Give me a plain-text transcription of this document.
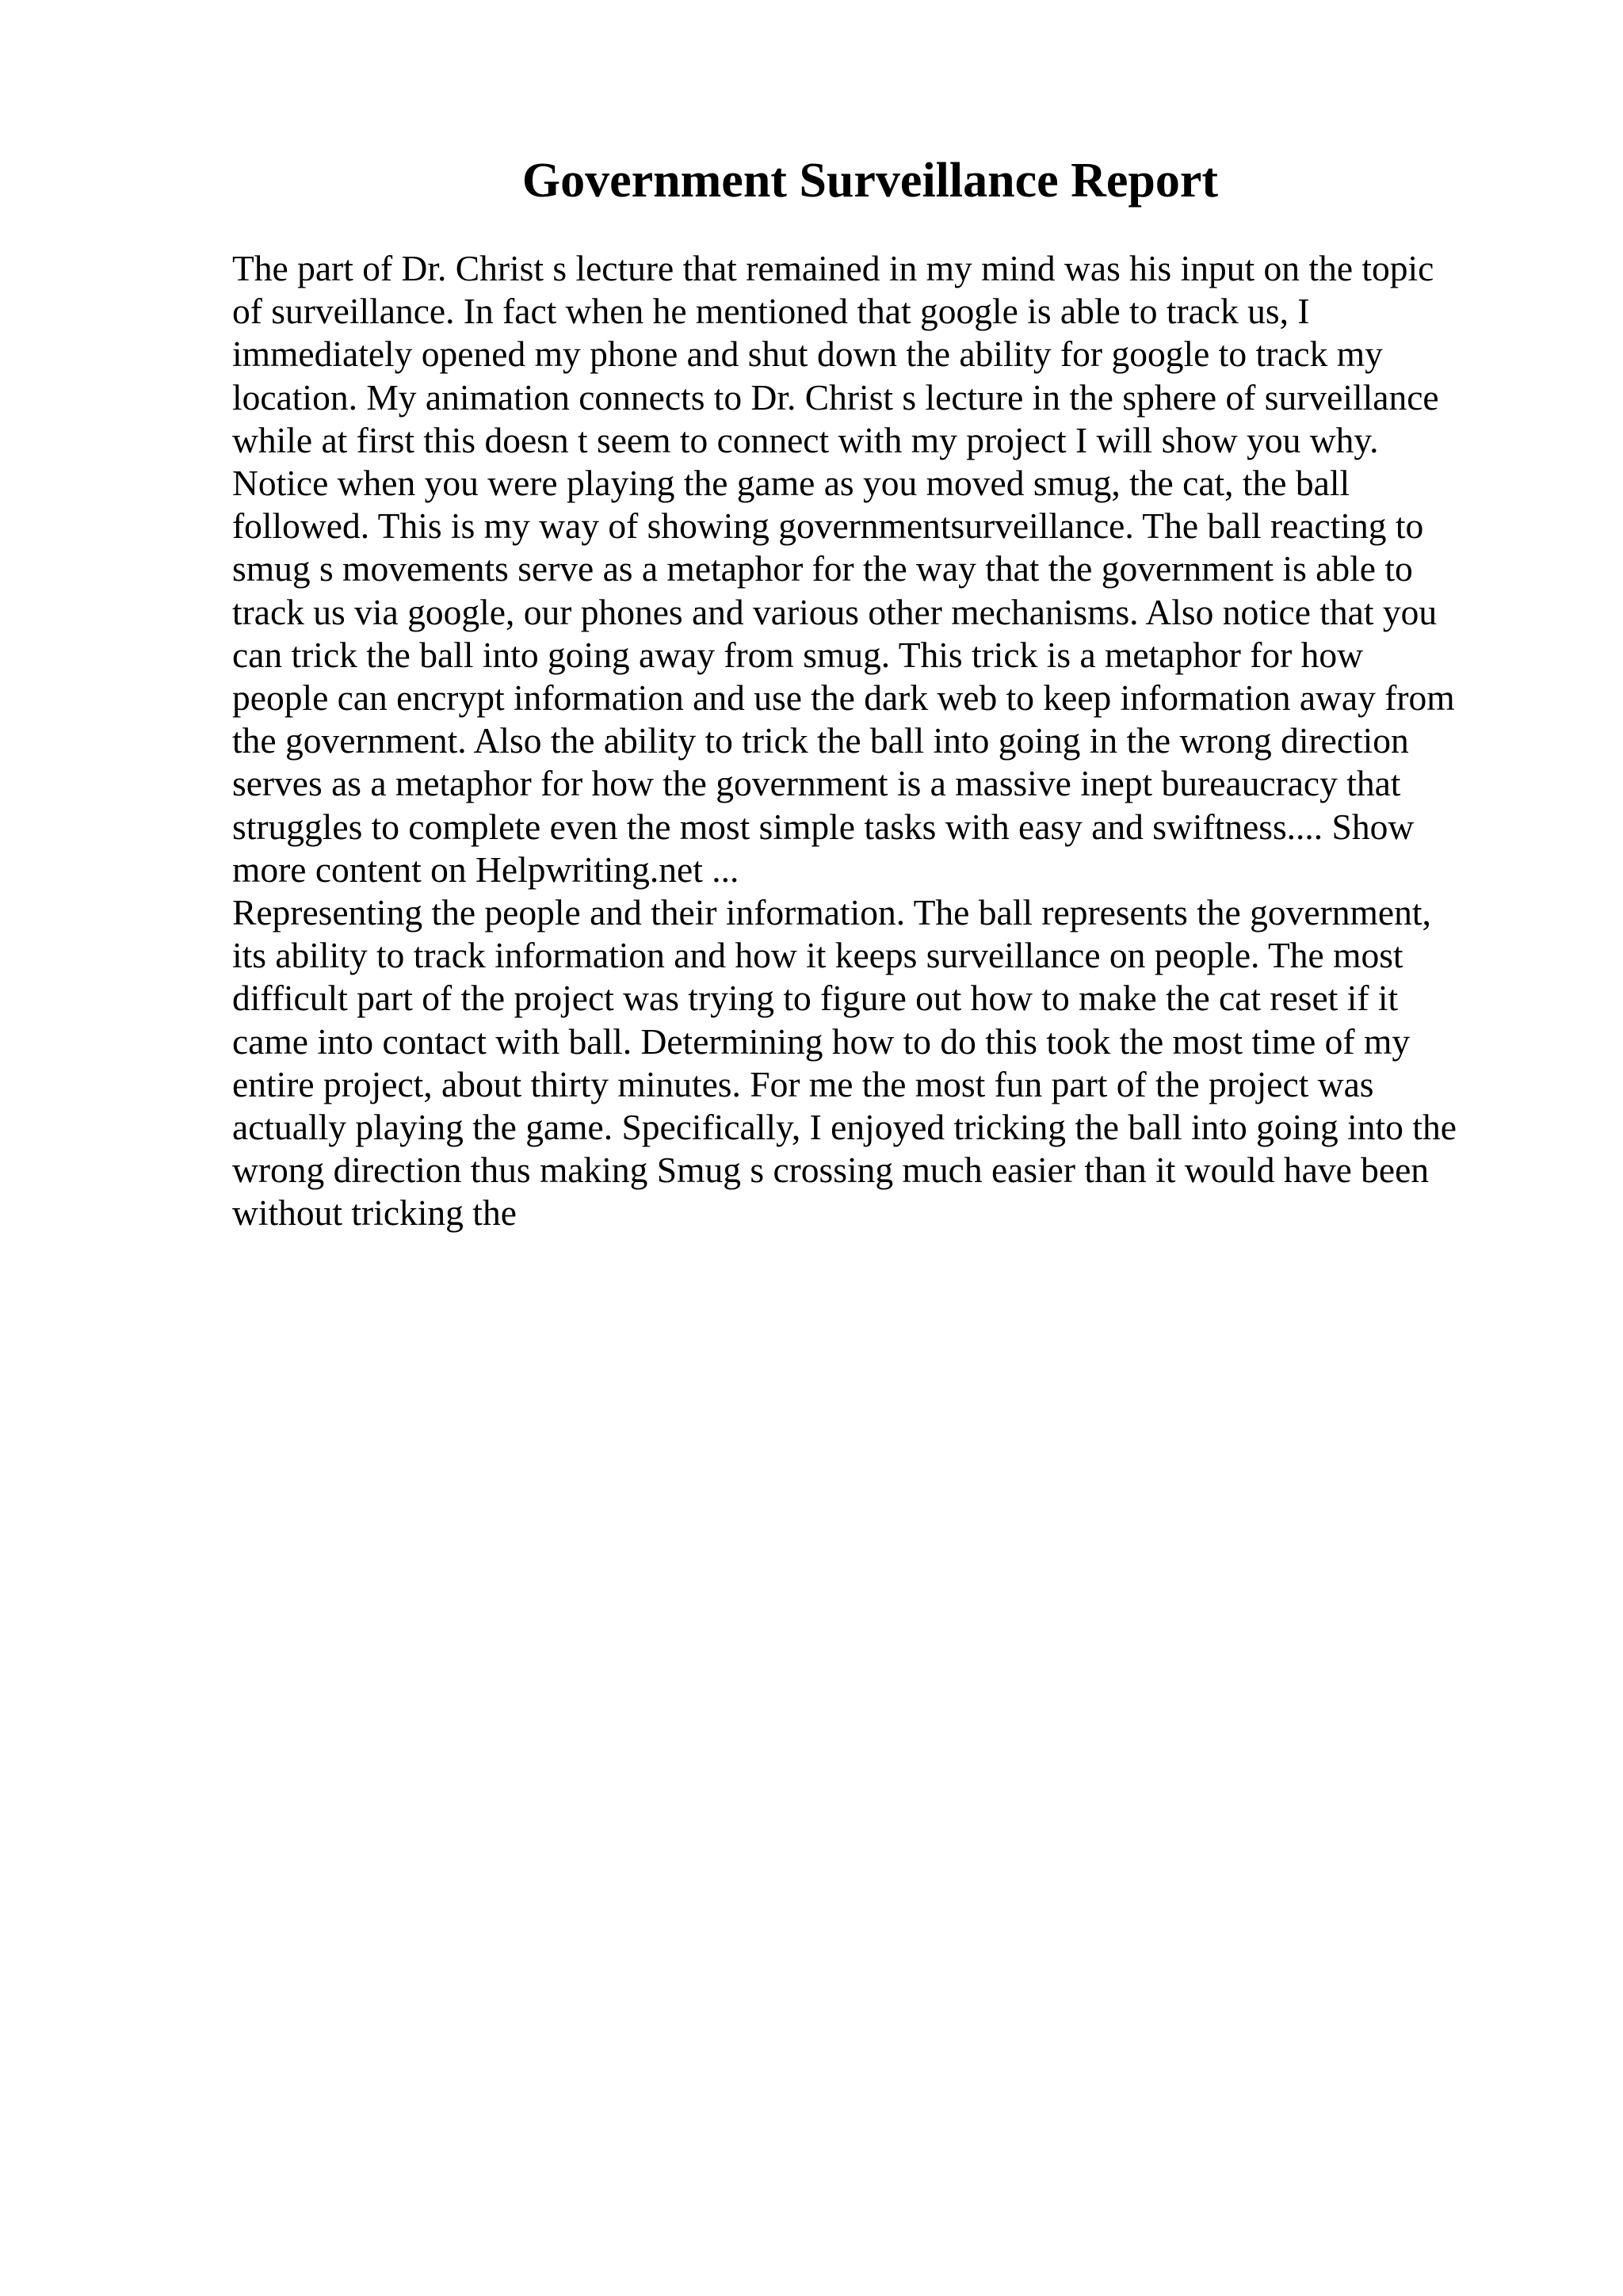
Government Surveillance Report
The part of Dr. Christ s lecture that remained in my mind was his input on the topic
of surveillance. In fact when he mentioned that google is able to track us, I
immediately opened my phone and shut down the ability for google to track my
location. My animation connects to Dr. Christ s lecture in the sphere of surveillance
while at first this doesn t seem to connect with my project I will show you why.
Notice when you were playing the game as you moved smug, the cat, the ball
followed. This is my way of showing governmentsurveillance. The ball reacting to
smug s movements serve as a metaphor for the way that the government is able to
track us via google, our phones and various other mechanisms. Also notice that you
can trick the ball into going away from smug. This trick is a metaphor for how
people can encrypt information and use the dark web to keep information away from
the government. Also the ability to trick the ball into going in the wrong direction
serves as a metaphor for how the government is a massive inept bureaucracy that
struggles to complete even the most simple tasks with easy and swiftness.... Show
more content on Helpwriting.net ...
Representing the people and their information. The ball represents the government,
its ability to track information and how it keeps surveillance on people. The most
difficult part of the project was trying to figure out how to make the cat reset if it
came into contact with ball. Determining how to do this took the most time of my
entire project, about thirty minutes. For me the most fun part of the project was
actually playing the game. Specifically, I enjoyed tricking the ball into going into the
wrong direction thus making Smug s crossing much easier than it would have been
without tricking the
